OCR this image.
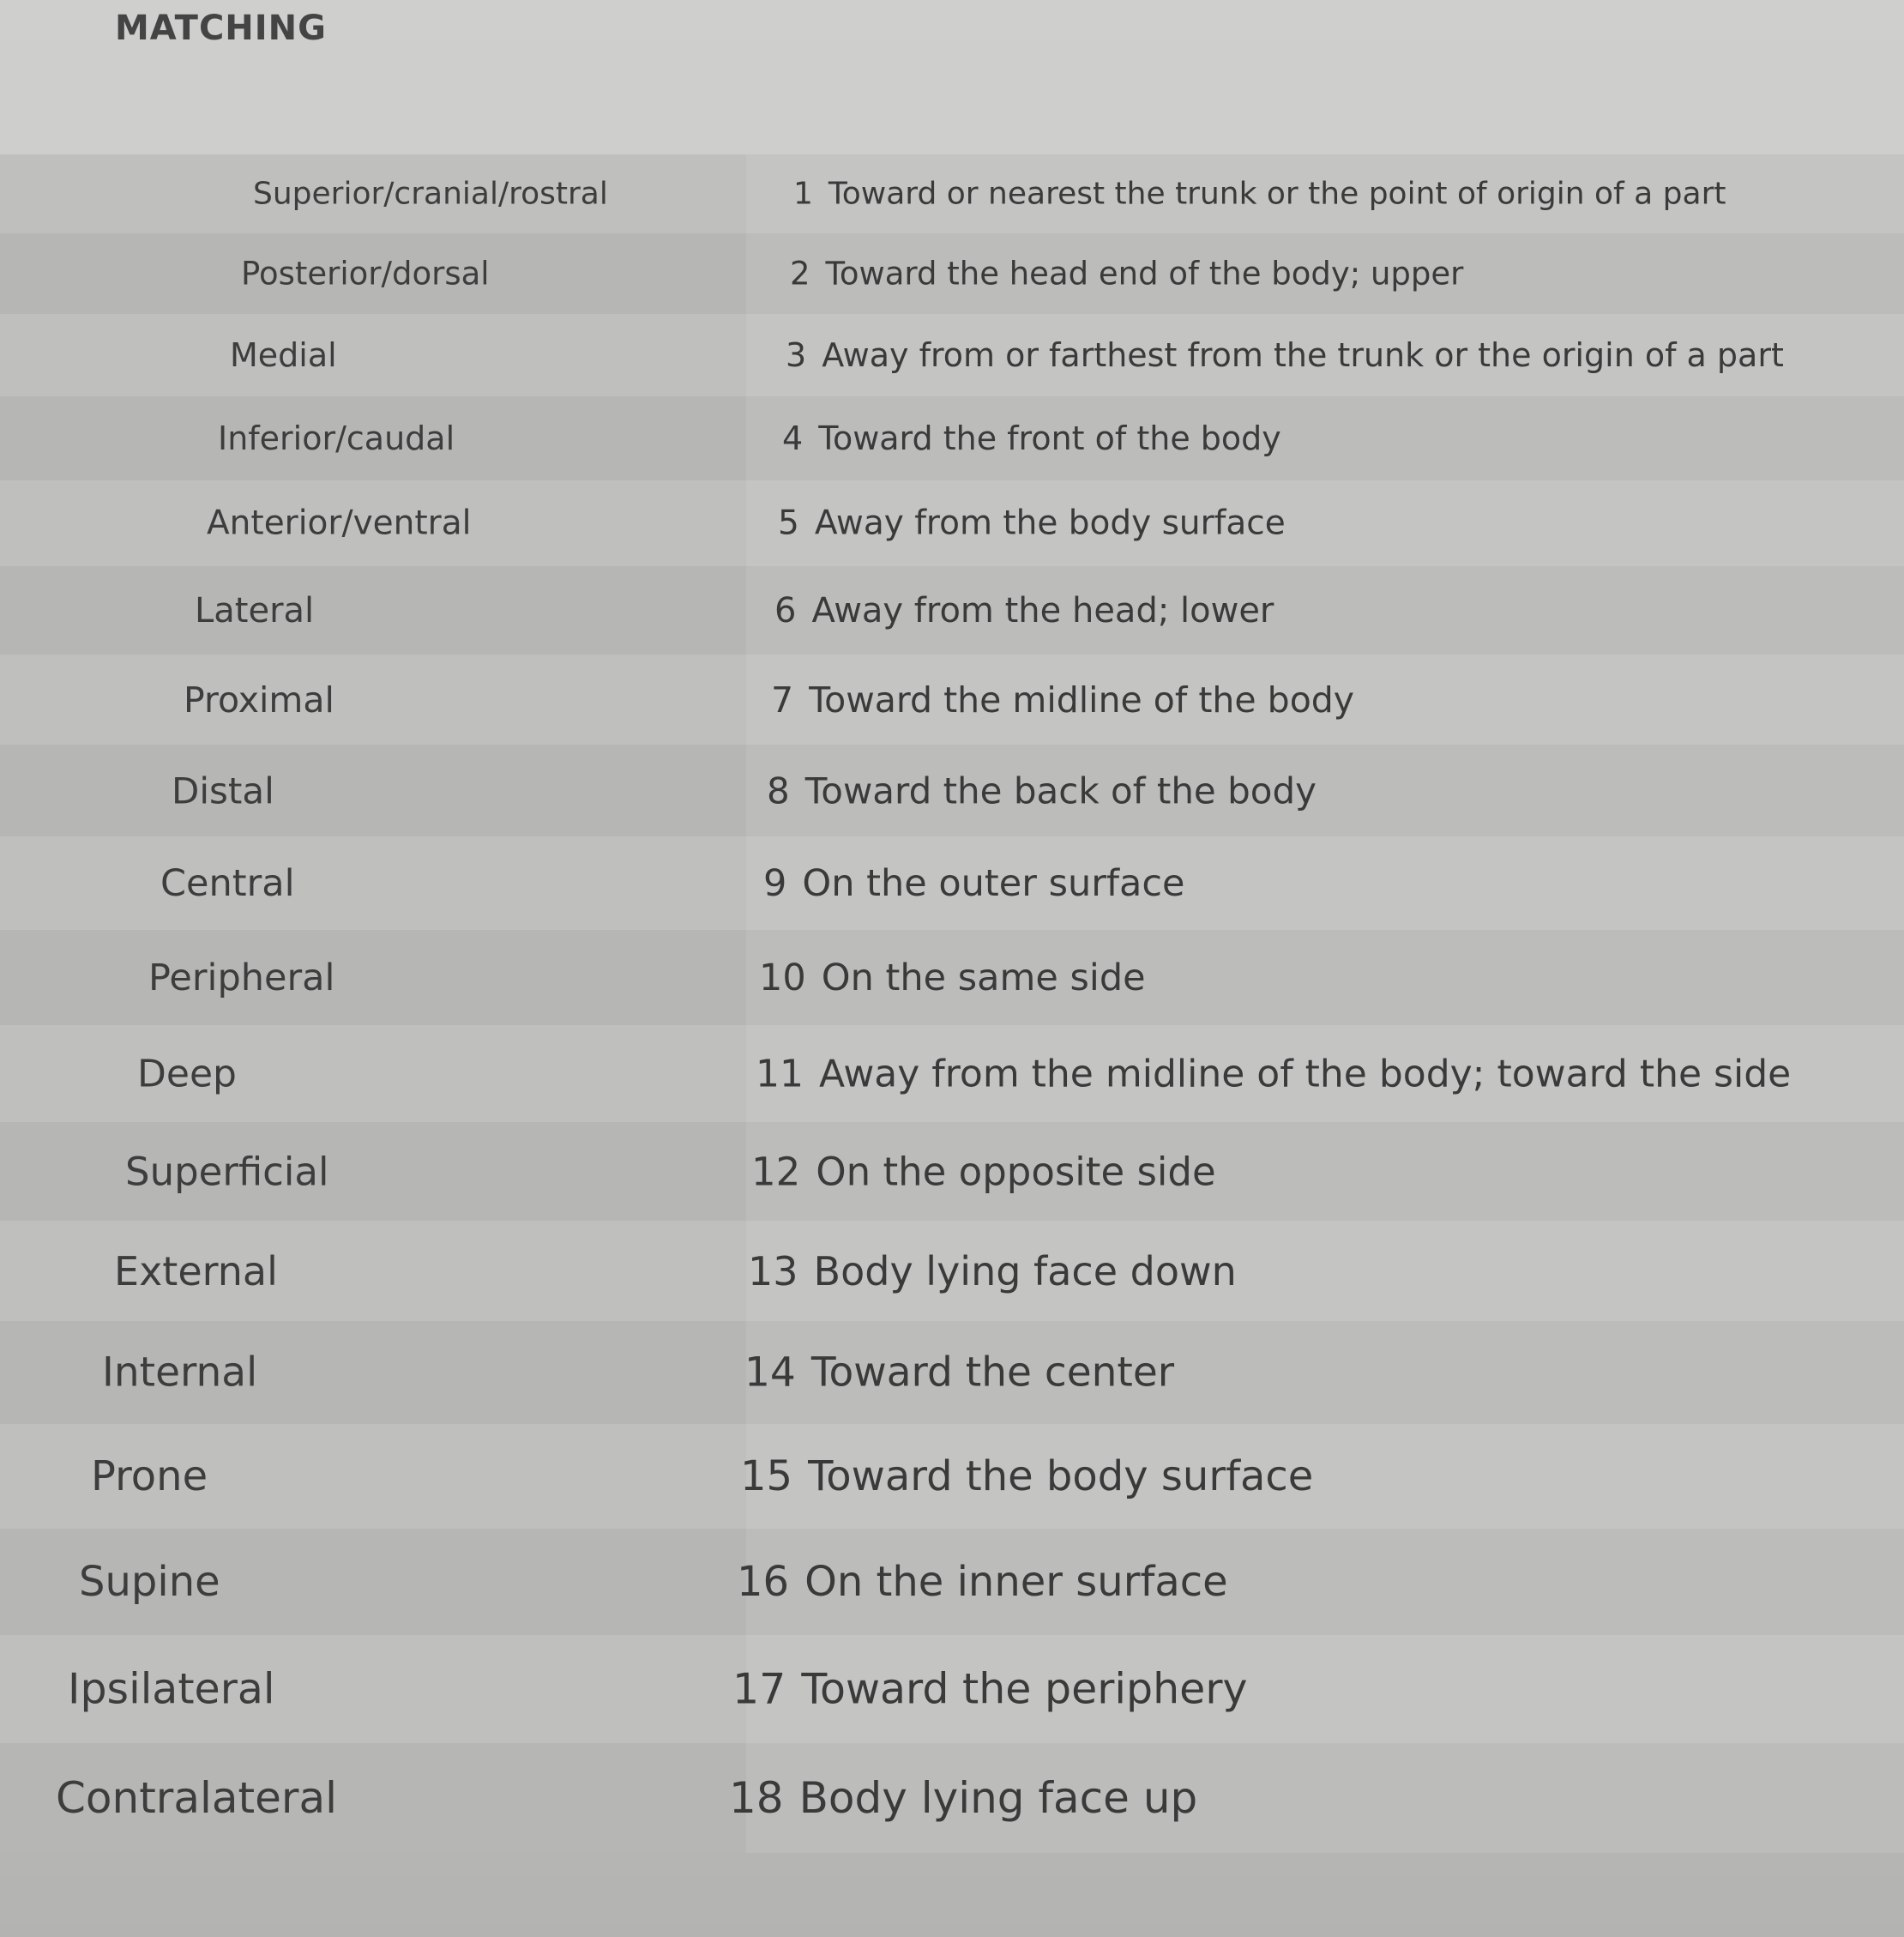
MATCHING
Superior/cranial/rostral	1 Toward or nearest the trunk or the point of origin of a part
Posterior/dorsal	2 Toward the head end of the body; upper
Medial	3 Away from or farthest from the trunk or the origin of a part
Inferior/caudal	4 Toward the front of the body
Anterior/ventral	5 Away from the body surface
Lateral	6 Away from the head; lower
Proximal	7 Toward the midline of the body
Distal	8 Toward the back of the body
Central	9 On the outer surface
Peripheral	10 On the same side
Deep	11 Away from the midline of the body; toward the side
Superficial	12 On the opposite side
External	13 Body lying face down
Internal	14 Toward the center
Prone	15 Toward the body surface
Supine	16 On the inner surface
Ipsilateral	17 Toward the periphery
Contralateral	18 Body lying face up
